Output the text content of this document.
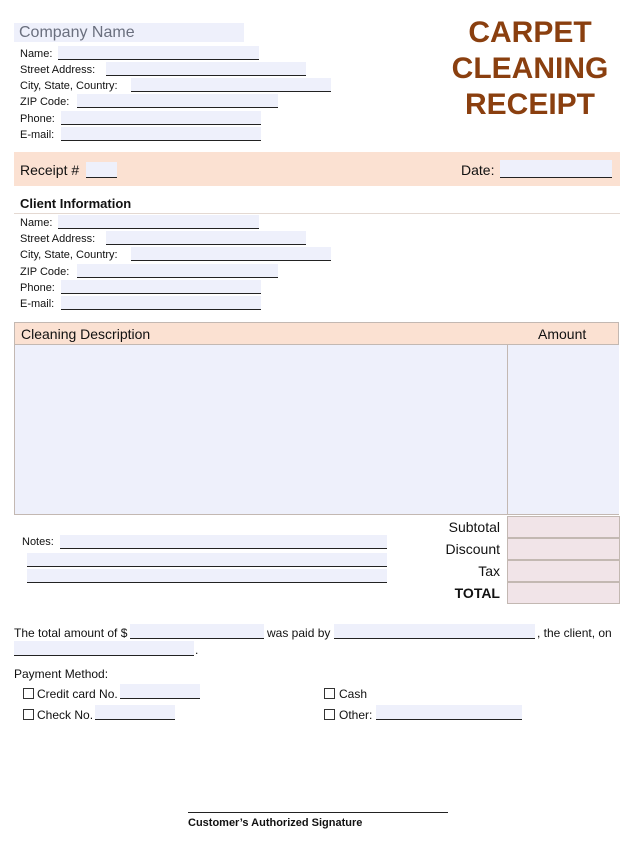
Company Name
Name:
Street Address:
City, State, Country:
ZIP Code:
Phone:
E-mail:
CARPET
CLEANING
RECEIPT
Receipt #	Date:
Client Information
Name:
Street Address:
City, State, Country:
ZIP Code:
Phone:
E-mail:
Cleaning Description	Amount
Notes:
Subtotal
Discount
Tax
TOTAL
The total amount of $	was paid by	, the client, on
.
Payment Method:
Credit card No.
Check No.
Cash
Other:
Customer’s Authorized Signature
